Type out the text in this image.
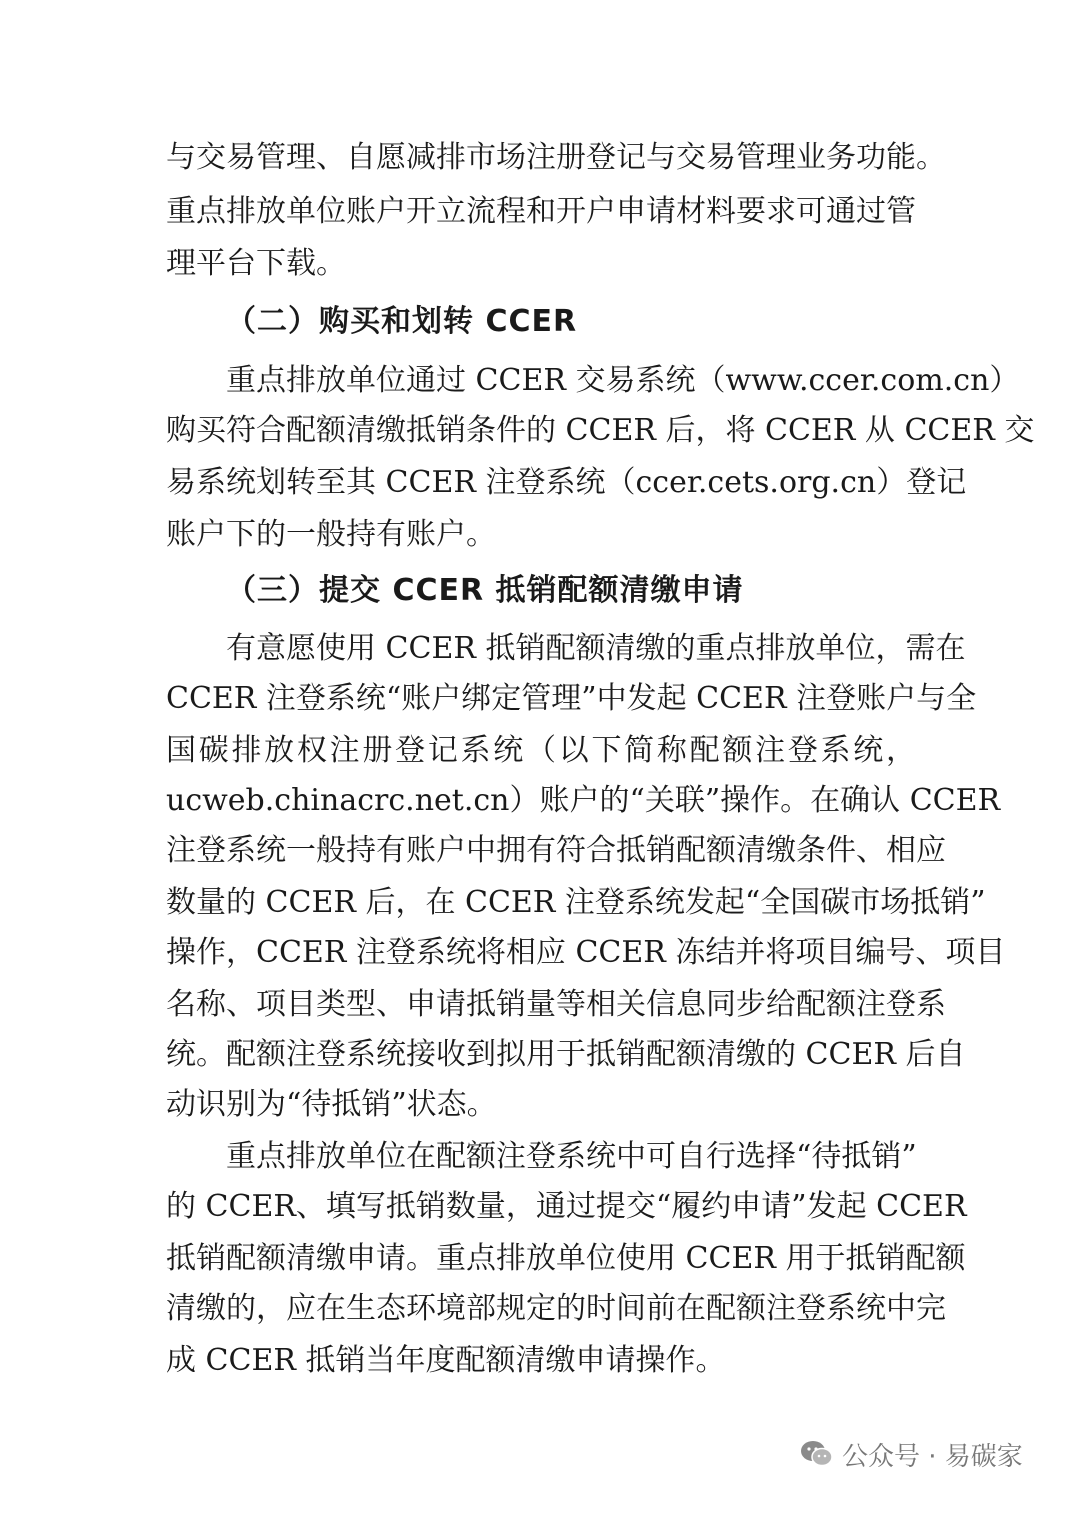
与交易管理、自愿减排市场注册登记与交易管理业务功能。
重点排放单位账户开立流程和开户申请材料要求可通过管
理平台下载。
重点排放单位通过 CCER 交易系统（www.ccer.com.cn）
购买符合配额清缴抵销条件的 CCER 后，将 CCER 从 CCER 交
易系统划转至其 CCER 注登系统（ccer.cets.org.cn）登记
账户下的一般持有账户。
有意愿使用 CCER 抵销配额清缴的重点排放单位，需在
CCER 注登系统“账户绑定管理”中发起 CCER 注登账户与全
国碳排放权注册登记系统（以下简称配额注登系统，
ucweb.chinacrc.net.cn）账户的“关联”操作。在确认 CCER
注登系统一般持有账户中拥有符合抵销配额清缴条件、相应
数量的 CCER 后，在 CCER 注登系统发起“全国碳市场抵销”
操作，CCER 注登系统将相应 CCER 冻结并将项目编号、项目
名称、项目类型、申请抵销量等相关信息同步给配额注登系
统。配额注登系统接收到拟用于抵销配额清缴的 CCER 后自
动识别为“待抵销”状态。
重点排放单位在配额注登系统中可自行选择“待抵销”
的 CCER、填写抵销数量，通过提交“履约申请”发起 CCER
抵销配额清缴申请。重点排放单位使用 CCER 用于抵销配额
清缴的，应在生态环境部规定的时间前在配额注登系统中完
成 CCER 抵销当年度配额清缴申请操作。
（二）购买和划转 CCER
（三）提交 CCER 抵销配额清缴申请
公众号 · 易碳家
